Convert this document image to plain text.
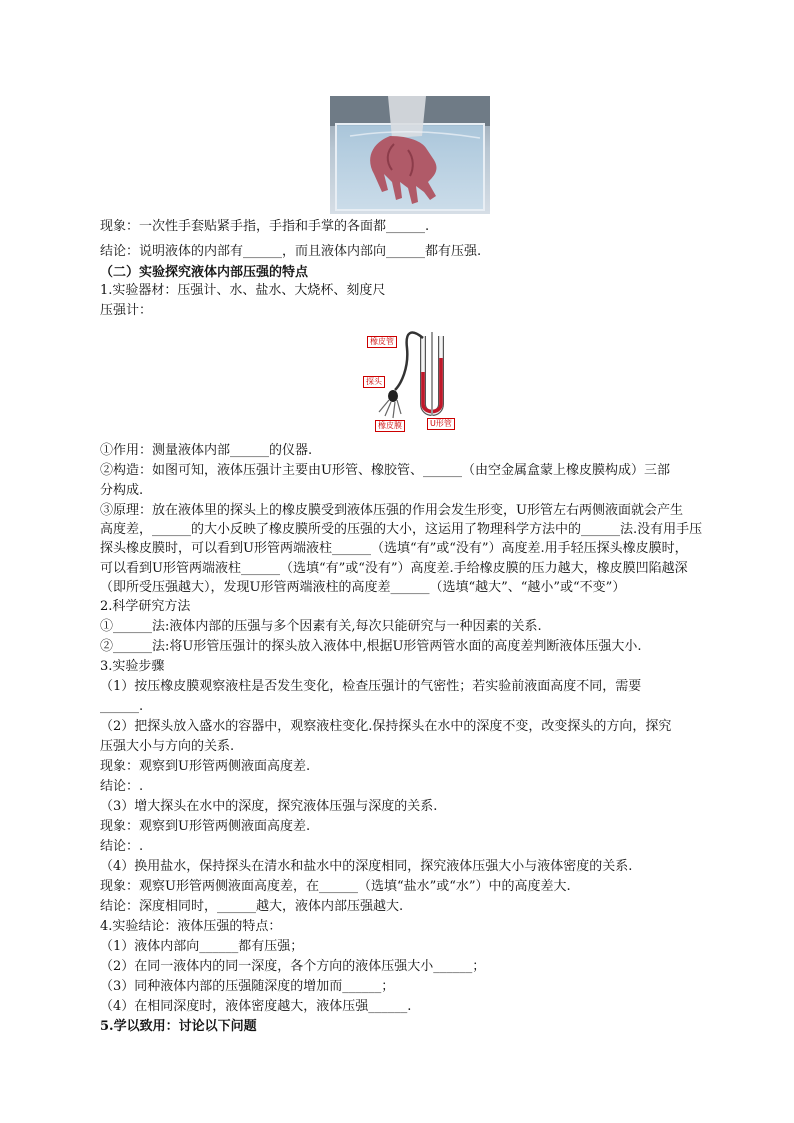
现象：一次性手套贴紧手指，手指和手掌的各面都______.
结论：说明液体的内部有______，而且液体内部向______都有压强.
（二）实验探究液体内部压强的特点
1.实验器材：压强计、水、盐水、大烧杯、刻度尺
压强计：
橡皮管
探头
橡皮膜	U形管
①作用：测量液体内部______的仪器.
②构造：如图可知，液体压强计主要由U形管、橡胶管、______（由空金属盒蒙上橡皮膜构成）三部
分构成.
③原理：放在液体里的探头上的橡皮膜受到液体压强的作用会发生形变，U形管左右两侧液面就会产生
高度差，______的大小反映了橡皮膜所受的压强的大小，这运用了物理科学方法中的______法.没有用手压
探头橡皮膜时，可以看到U形管两端液柱______（选填“有”或“没有”）高度差.用手轻压探头橡皮膜时，
可以看到U形管两端液柱______（选填“有”或“没有”）高度差.手给橡皮膜的压力越大，橡皮膜凹陷越深
（即所受压强越大），发现U形管两端液柱的高度差______（选填“越大”、“越小”或“不变”）
2.科学研究方法
①______法:液体内部的压强与多个因素有关,每次只能研究与一种因素的关系.
②______法:将U形管压强计的探头放入液体中,根据U形管两管水面的高度差判断液体压强大小.
3.实验步骤
（1）按压橡皮膜观察液柱是否发生变化，检查压强计的气密性；若实验前液面高度不同，需要
______.
（2）把探头放入盛水的容器中，观察液柱变化.保持探头在水中的深度不变，改变探头的方向，探究
压强大小与方向的关系.
现象：观察到U形管两侧液面高度差.
结论：.
（3）增大探头在水中的深度，探究液体压强与深度的关系.
现象：观察到U形管两侧液面高度差.
结论：.
（4）换用盐水，保持探头在清水和盐水中的深度相同，探究液体压强大小与液体密度的关系.
现象：观察U形管两侧液面高度差，在______（选填“盐水”或“水”）中的高度差大.
结论：深度相同时，______越大，液体内部压强越大.
4.实验结论：液体压强的特点：
（1）液体内部向______都有压强；
（2）在同一液体内的同一深度，各个方向的液体压强大小______；
（3）同种液体内部的压强随深度的增加而______；
（4）在相同深度时，液体密度越大，液体压强______.
5.学以致用：讨论以下问题
